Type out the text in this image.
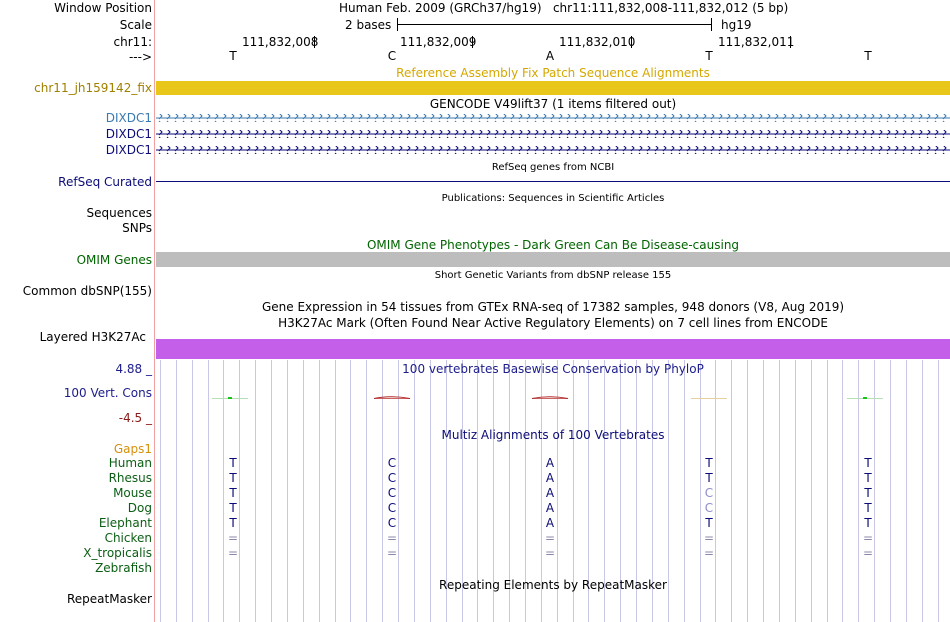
Window Position	Human Feb. 2009 (GRCh37/hg19)   chr11:111,832,008-111,832,012 (5 bp)
Scale	2 bases	hg19
chr11:	111,832,008	111,832,009	111,832,010	111,832,011
--->	T	C	A	T	T
Reference Assembly Fix Patch Sequence Alignments
chr11_jh159142_fix
GENCODE V49lift37 (1 items filtered out)
DIXDC1
DIXDC1
DIXDC1
RefSeq genes from NCBI
RefSeq Curated
Publications: Sequences in Scientific Articles
Sequences
SNPs
OMIM Gene Phenotypes - Dark Green Can Be Disease-causing
OMIM Genes
Short Genetic Variants from dbSNP release 155
Common dbSNP(155)
Gene Expression in 54 tissues from GTEx RNA-seq of 17382 samples, 948 donors (V8, Aug 2019)
H3K27Ac Mark (Often Found Near Active Regulatory Elements) on 7 cell lines from ENCODE
Layered H3K27Ac
100 vertebrates Basewise Conservation by PhyloP
4.88 _
100 Vert. Cons
-4.5 _
Multiz Alignments of 100 Vertebrates
Gaps1
Human	T	C	A	T	T
Rhesus	T	C	A	T	T
Mouse	T	C	A	C	T
Dog	T	C	A	C	T
Elephant	T	C	A	T	T
Chicken	=	=	=	=	=
X_tropicalis	=	=	=	=	=
Zebrafish
Repeating Elements by RepeatMasker
RepeatMasker
